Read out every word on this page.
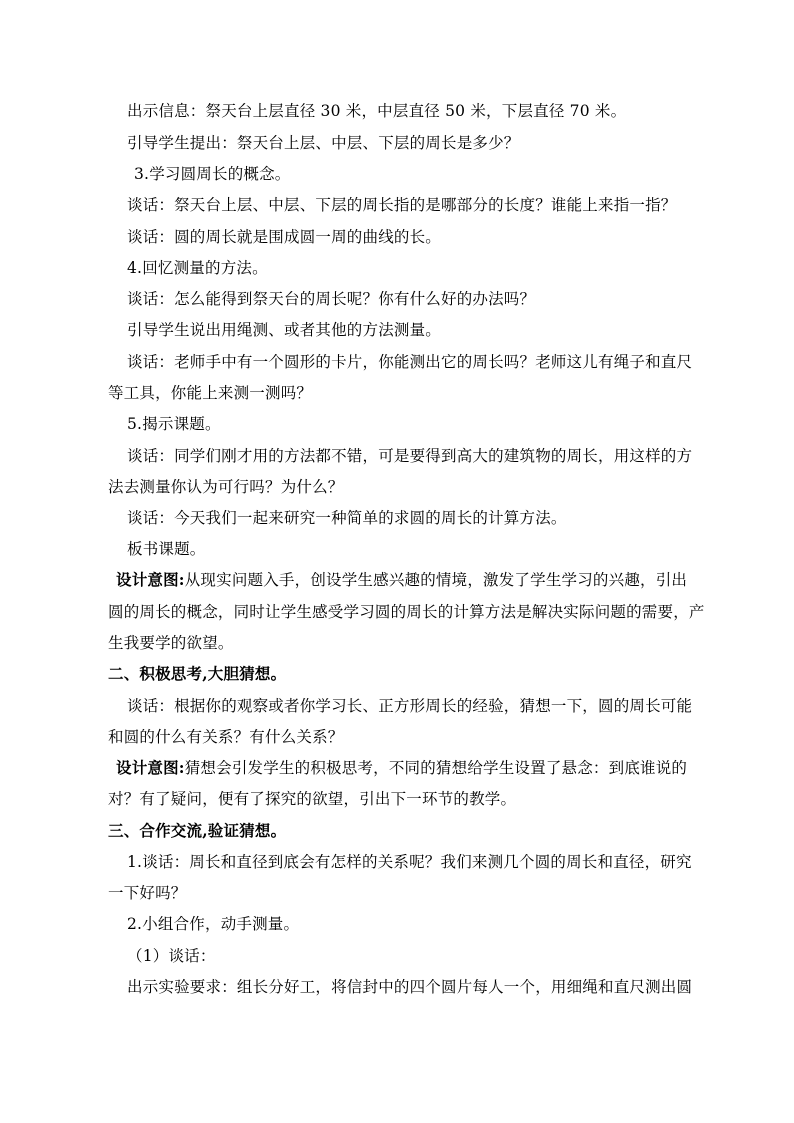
出示信息：祭天台上层直径 30 米，中层直径 50 米，下层直径 70 米。
引导学生提出：祭天台上层、中层、下层的周长是多少？
3.学习圆周长的概念。
谈话：祭天台上层、中层、下层的周长指的是哪部分的长度？谁能上来指一指？
谈话：圆的周长就是围成圆一周的曲线的长。
4.回忆测量的方法。
谈话：怎么能得到祭天台的周长呢？你有什么好的办法吗？
引导学生说出用绳测、或者其他的方法测量。
谈话：老师手中有一个圆形的卡片，你能测出它的周长吗？老师这儿有绳子和直尺
等工具，你能上来测一测吗？
5.揭示课题。
谈话：同学们刚才用的方法都不错，可是要得到高大的建筑物的周长，用这样的方
法去测量你认为可行吗？为什么？
谈话：今天我们一起来研究一种简单的求圆的周长的计算方法。
板书课题。
设计意图:从现实问题入手，创设学生感兴趣的情境，激发了学生学习的兴趣，引出
圆的周长的概念，同时让学生感受学习圆的周长的计算方法是解决实际问题的需要，产
生我要学的欲望。
二、积极思考,大胆猜想。
谈话：根据你的观察或者你学习长、正方形周长的经验，猜想一下，圆的周长可能
和圆的什么有关系？有什么关系？
设计意图:猜想会引发学生的积极思考，不同的猜想给学生设置了悬念：到底谁说的
对？有了疑问，便有了探究的欲望，引出下一环节的教学。
三、合作交流,验证猜想。
1.谈话：周长和直径到底会有怎样的关系呢？我们来测几个圆的周长和直径，研究
一下好吗？
2.小组合作，动手测量。
（1）谈话：
出示实验要求：组长分好工，将信封中的四个圆片每人一个，用细绳和直尺测出圆
